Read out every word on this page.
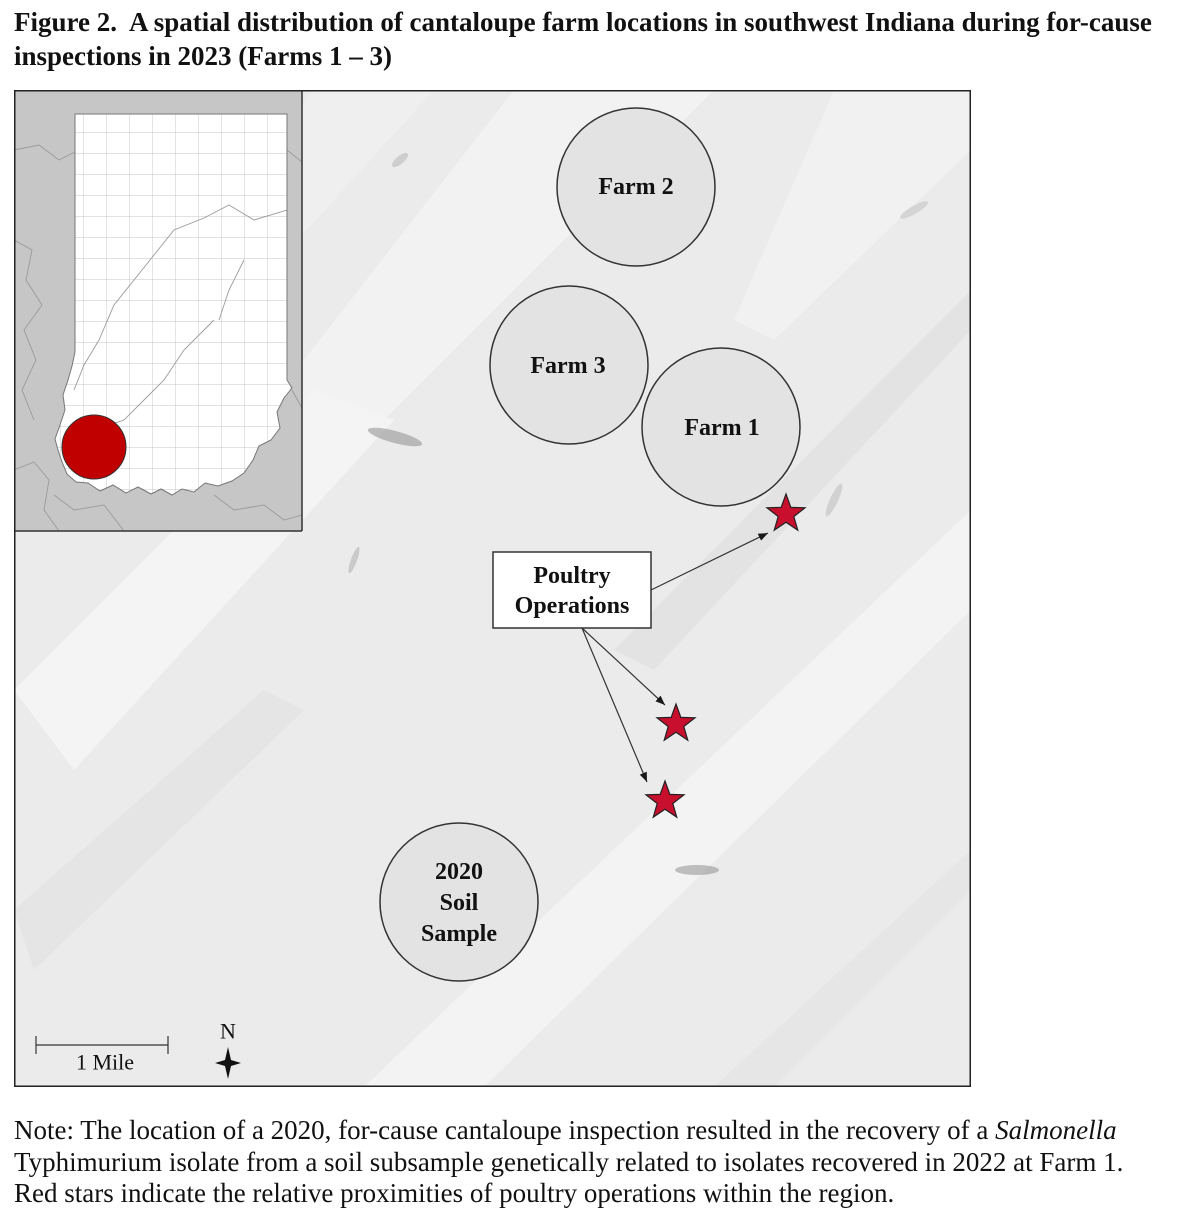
Figure 2.  A spatial distribution of cantaloupe farm locations in southwest Indiana during for-cause
inspections in 2023 (Farms 1 – 3)
Farm 2
Farm 3
Farm 1
2020
Soil
Sample
Poultry
Operations
1 Mile
N
Note: The location of a 2020, for-cause cantaloupe inspection resulted in the recovery of a Salmonella
Typhimurium isolate from a soil subsample genetically related to isolates recovered in 2022 at Farm 1.
Red stars indicate the relative proximities of poultry operations within the region.
